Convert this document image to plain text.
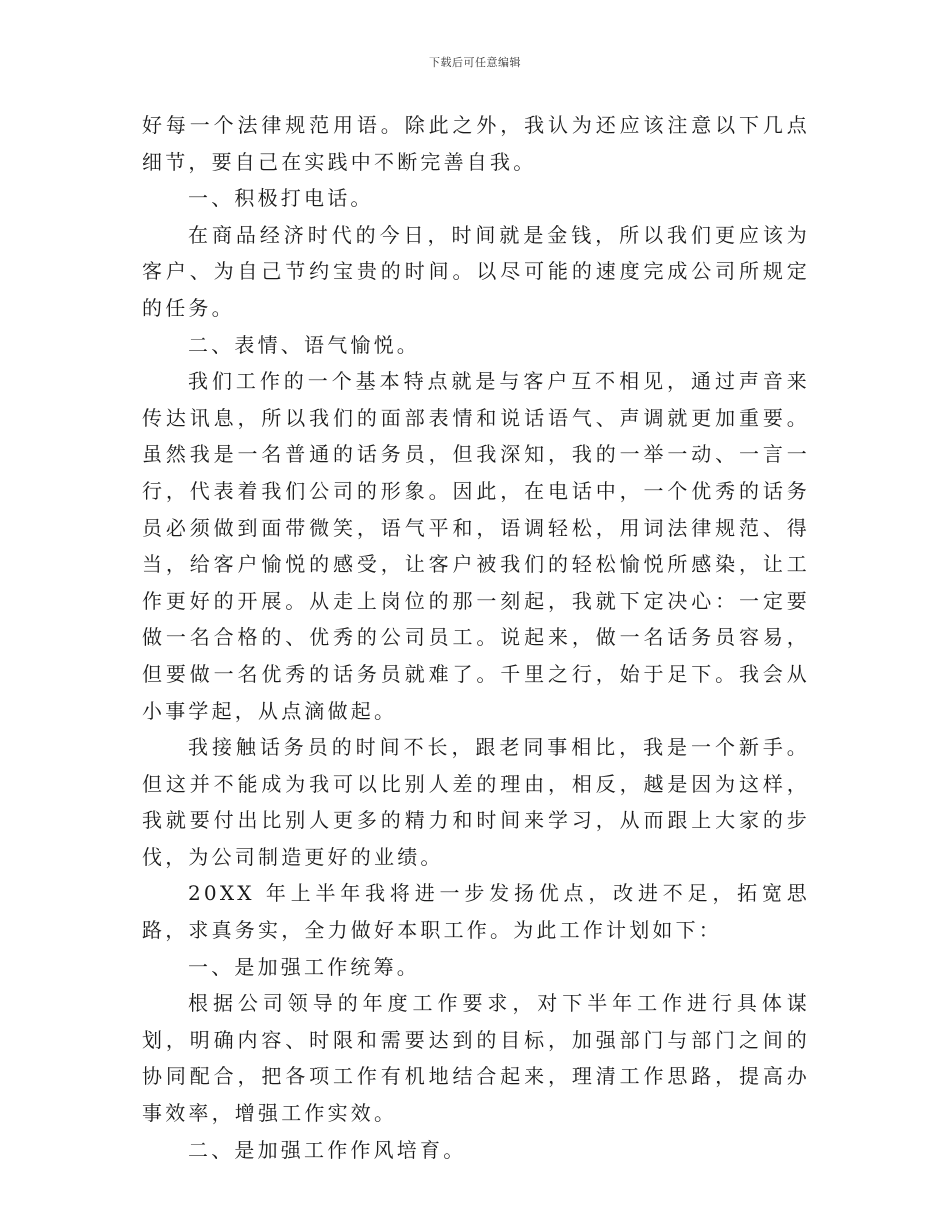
下载后可任意编辑

好每一个法律规范用语。除此之外，我认为还应该注意以下几点细节，要自己在实践中不断完善自我。

一、积极打电话。

在商品经济时代的今日，时间就是金钱，所以我们更应该为客户、为自己节约宝贵的时间。以尽可能的速度完成公司所规定的任务。

二、表情、语气愉悦。

我们工作的一个基本特点就是与客户互不相见，通过声音来传达讯息，所以我们的面部表情和说话语气、声调就更加重要。虽然我是一名普通的话务员，但我深知，我的一举一动、一言一行，代表着我们公司的形象。因此，在电话中，一个优秀的话务员必须做到面带微笑，语气平和，语调轻松，用词法律规范、得当，给客户愉悦的感受，让客户被我们的轻松愉悦所感染，让工作更好的开展。从走上岗位的那一刻起，我就下定决心：一定要做一名合格的、优秀的公司员工。说起来，做一名话务员容易，但要做一名优秀的话务员就难了。千里之行，始于足下。我会从小事学起，从点滴做起。

我接触话务员的时间不长，跟老同事相比，我是一个新手。但这并不能成为我可以比别人差的理由，相反，越是因为这样，我就要付出比别人更多的精力和时间来学习，从而跟上大家的步伐，为公司制造更好的业绩。

20XX 年上半年我将进一步发扬优点，改进不足，拓宽思路，求真务实，全力做好本职工作。为此工作计划如下：

一、是加强工作统筹。

根据公司领导的年度工作要求，对下半年工作进行具体谋划，明确内容、时限和需要达到的目标，加强部门与部门之间的协同配合，把各项工作有机地结合起来，理清工作思路，提高办事效率，增强工作实效。

二、是加强工作作风培育。
